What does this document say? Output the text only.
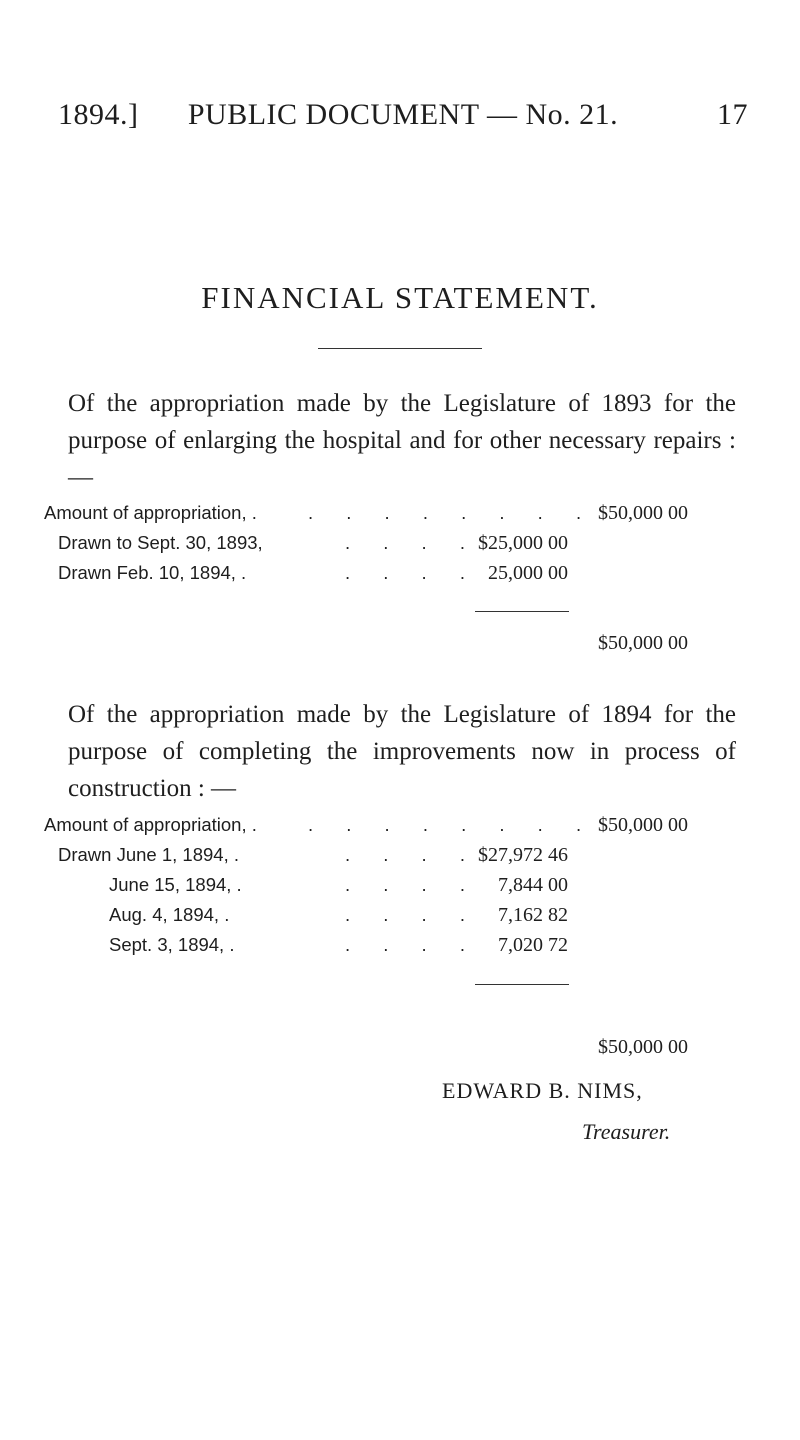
1894.]	PUBLIC DOCUMENT — No. 21.	17
FINANCIAL STATEMENT.

Of the appropriation made by the Legislature of 1893 for the purpose of enlarging the hospital and for other necessary repairs : —

Amount of appropriation, .	. . . . . . . . $50,000 00
Drawn to Sept. 30, 1893,	. . . . $25,000 00
Drawn Feb. 10, 1894, .	. . . . 25,000 00
$50,000 00

Of the appropriation made by the Legislature of 1894 for the purpose of completing the improvements now in process of construction : —

Amount of appropriation, .	. . . . . . . . $50,000 00
Drawn June 1, 1894, .	. . . . $27,972 46
June 15, 1894, .	. . . . 7,844 00
Aug. 4, 1894, .	. . . . 7,162 82
Sept. 3, 1894, .	. . . . 7,020 72
$50,000 00
EDWARD B. NIMS,
Treasurer.
